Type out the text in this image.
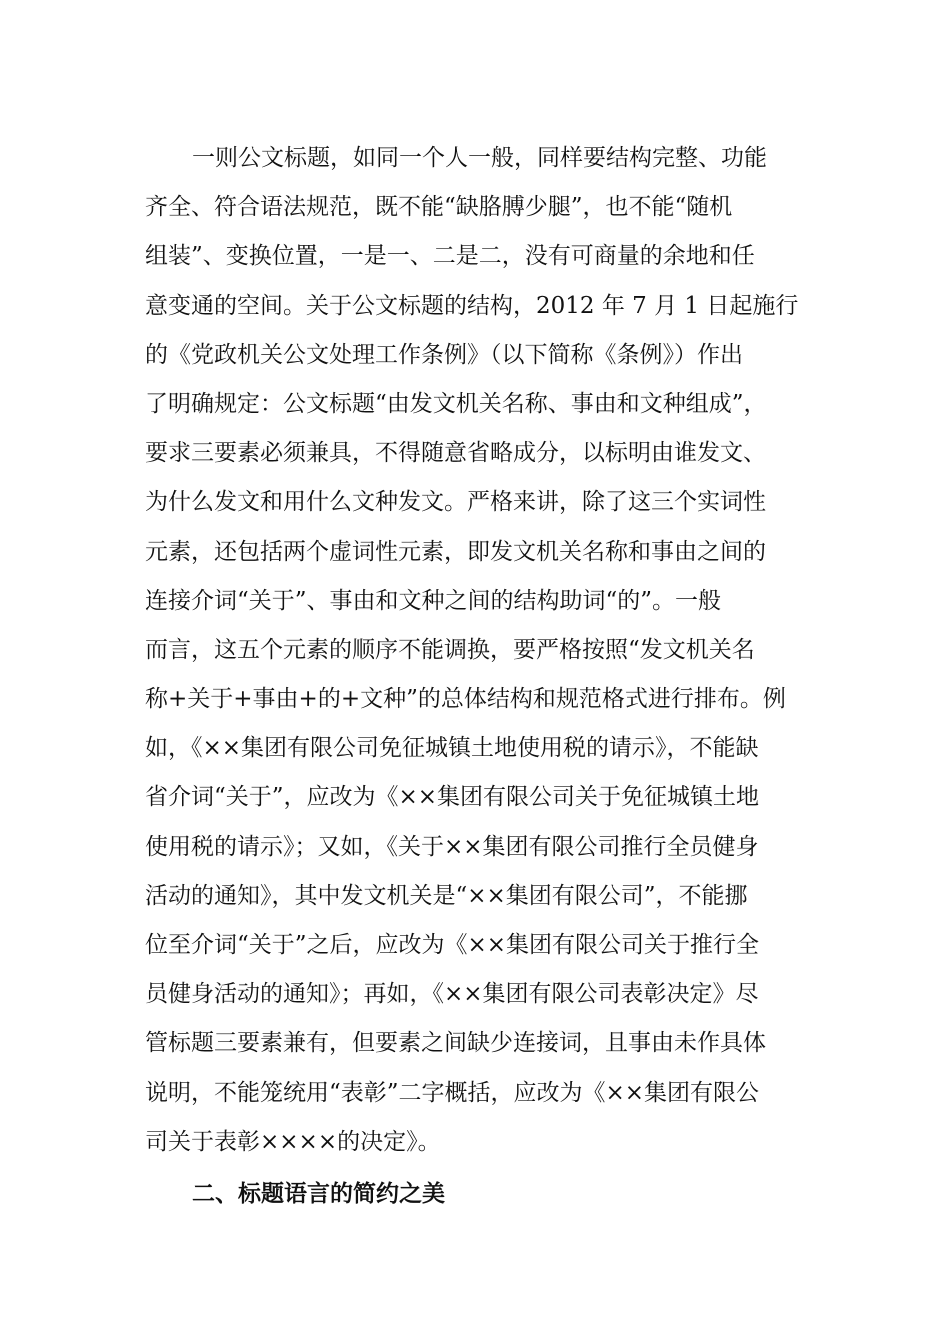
一则公文标题，如同一个人一般，同样要结构完整、功能
齐全、符合语法规范，既不能“缺胳膊少腿”，也不能“随机
组装”、变换位置，一是一、二是二，没有可商量的余地和任
意变通的空间。关于公文标题的结构，2012 年 7 月 1 日起施行
的《党政机关公文处理工作条例》（以下简称《条例》）作出
了明确规定：公文标题“由发文机关名称、事由和文种组成”，
要求三要素必须兼具，不得随意省略成分，以标明由谁发文、
为什么发文和用什么文种发文。严格来讲，除了这三个实词性
元素，还包括两个虚词性元素，即发文机关名称和事由之间的
连接介词“关于”、事由和文种之间的结构助词“的”。一般
而言，这五个元素的顺序不能调换，要严格按照“发文机关名
称+关于+事由+的+文种”的总体结构和规范格式进行排布。例
如，《××集团有限公司免征城镇土地使用税的请示》，不能缺
省介词“关于”，应改为《××集团有限公司关于免征城镇土地
使用税的请示》；又如，《关于××集团有限公司推行全员健身
活动的通知》，其中发文机关是“××集团有限公司”，不能挪
位至介词“关于”之后，应改为《××集团有限公司关于推行全
员健身活动的通知》；再如，《××集团有限公司表彰决定》尽
管标题三要素兼有，但要素之间缺少连接词，且事由未作具体
说明，不能笼统用“表彰”二字概括，应改为《××集团有限公
司关于表彰××××的决定》。
二、标题语言的简约之美
